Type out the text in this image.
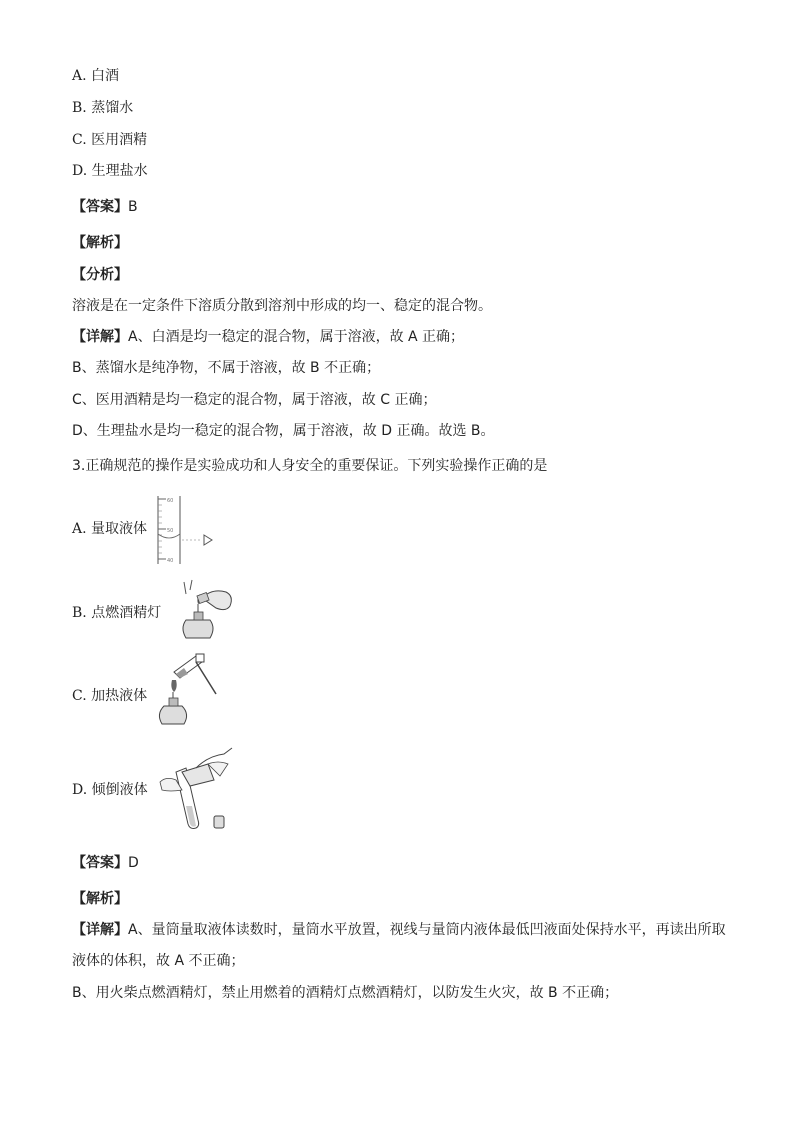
A. 白酒
B. 蒸馏水
C. 医用酒精
D. 生理盐水
【答案】B
【解析】
【分析】
溶液是在一定条件下溶质分散到溶剂中形成的均一、稳定的混合物。
【详解】A、白酒是均一稳定的混合物，属于溶液，故 A 正确；
B、蒸馏水是纯净物，不属于溶液，故 B 不正确；
C、医用酒精是均一稳定的混合物，属于溶液，故 C 正确；
D、生理盐水是均一稳定的混合物，属于溶液，故 D 正确。故选 B。
3.正确规范的操作是实验成功和人身安全的重要保证。下列实验操作正确的是
A. 量取液体
60
50
40
B. 点燃酒精灯
C. 加热液体
D. 倾倒液体
【答案】D
【解析】
【详解】A、量筒量取液体读数时，量筒水平放置，视线与量筒内液体最低凹液面处保持水平，再读出所取
液体的体积，故 A 不正确；
B、用火柴点燃酒精灯，禁止用燃着的酒精灯点燃酒精灯，以防发生火灾，故 B 不正确；
